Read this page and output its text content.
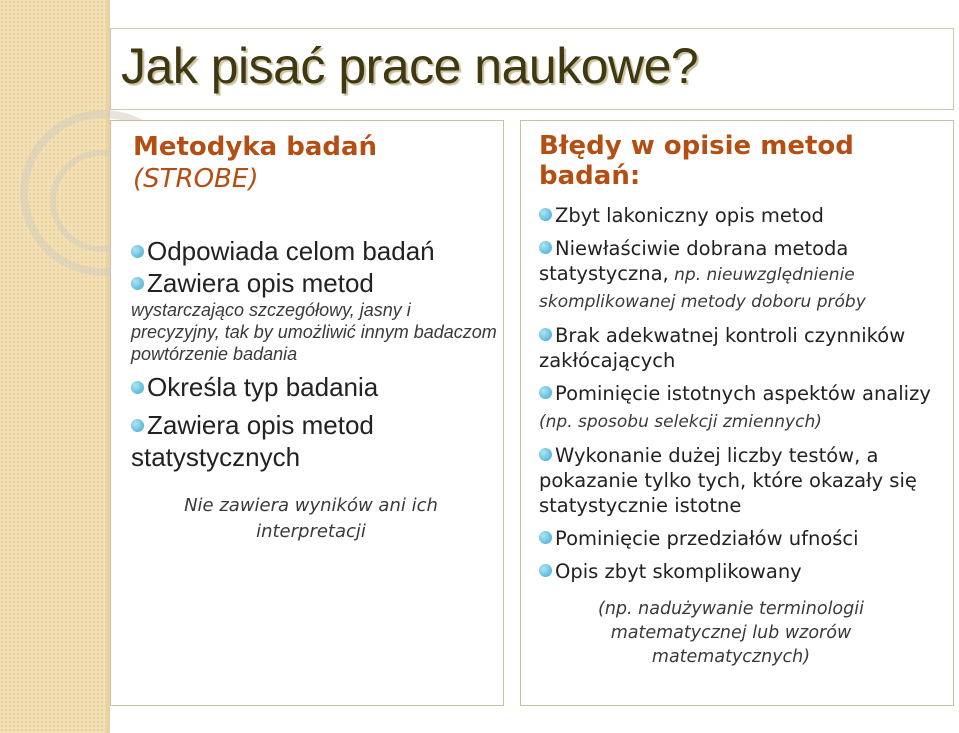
Jak pisać prace naukowe?
Metodyka badań
(STROBE)
Odpowiada celom badań
Zawiera opis metod
wystarczająco szczegółowy, jasny i precyzyjny, tak by umożliwić innym badaczom powtórzenie badania
Określa typ badania
Zawiera opis metod statystycznych
Nie zawiera wyników ani ich interpretacji
Błędy w opisie metod badań:
Zbyt lakoniczny opis metod
Niewłaściwie dobrana metoda statystyczna, np. nieuwzględnienie skomplikowanej metody doboru próby
Brak adekwatnej kontroli czynników zakłócających
Pominięcie istotnych aspektów analizy (np. sposobu selekcji zmiennych)
Wykonanie dużej liczby testów, a pokazanie tylko tych, które okazały się statystycznie istotne
Pominięcie przedziałów ufności
Opis zbyt skomplikowany
(np. nadużywanie terminologii matematycznej lub wzorów matematycznych)
